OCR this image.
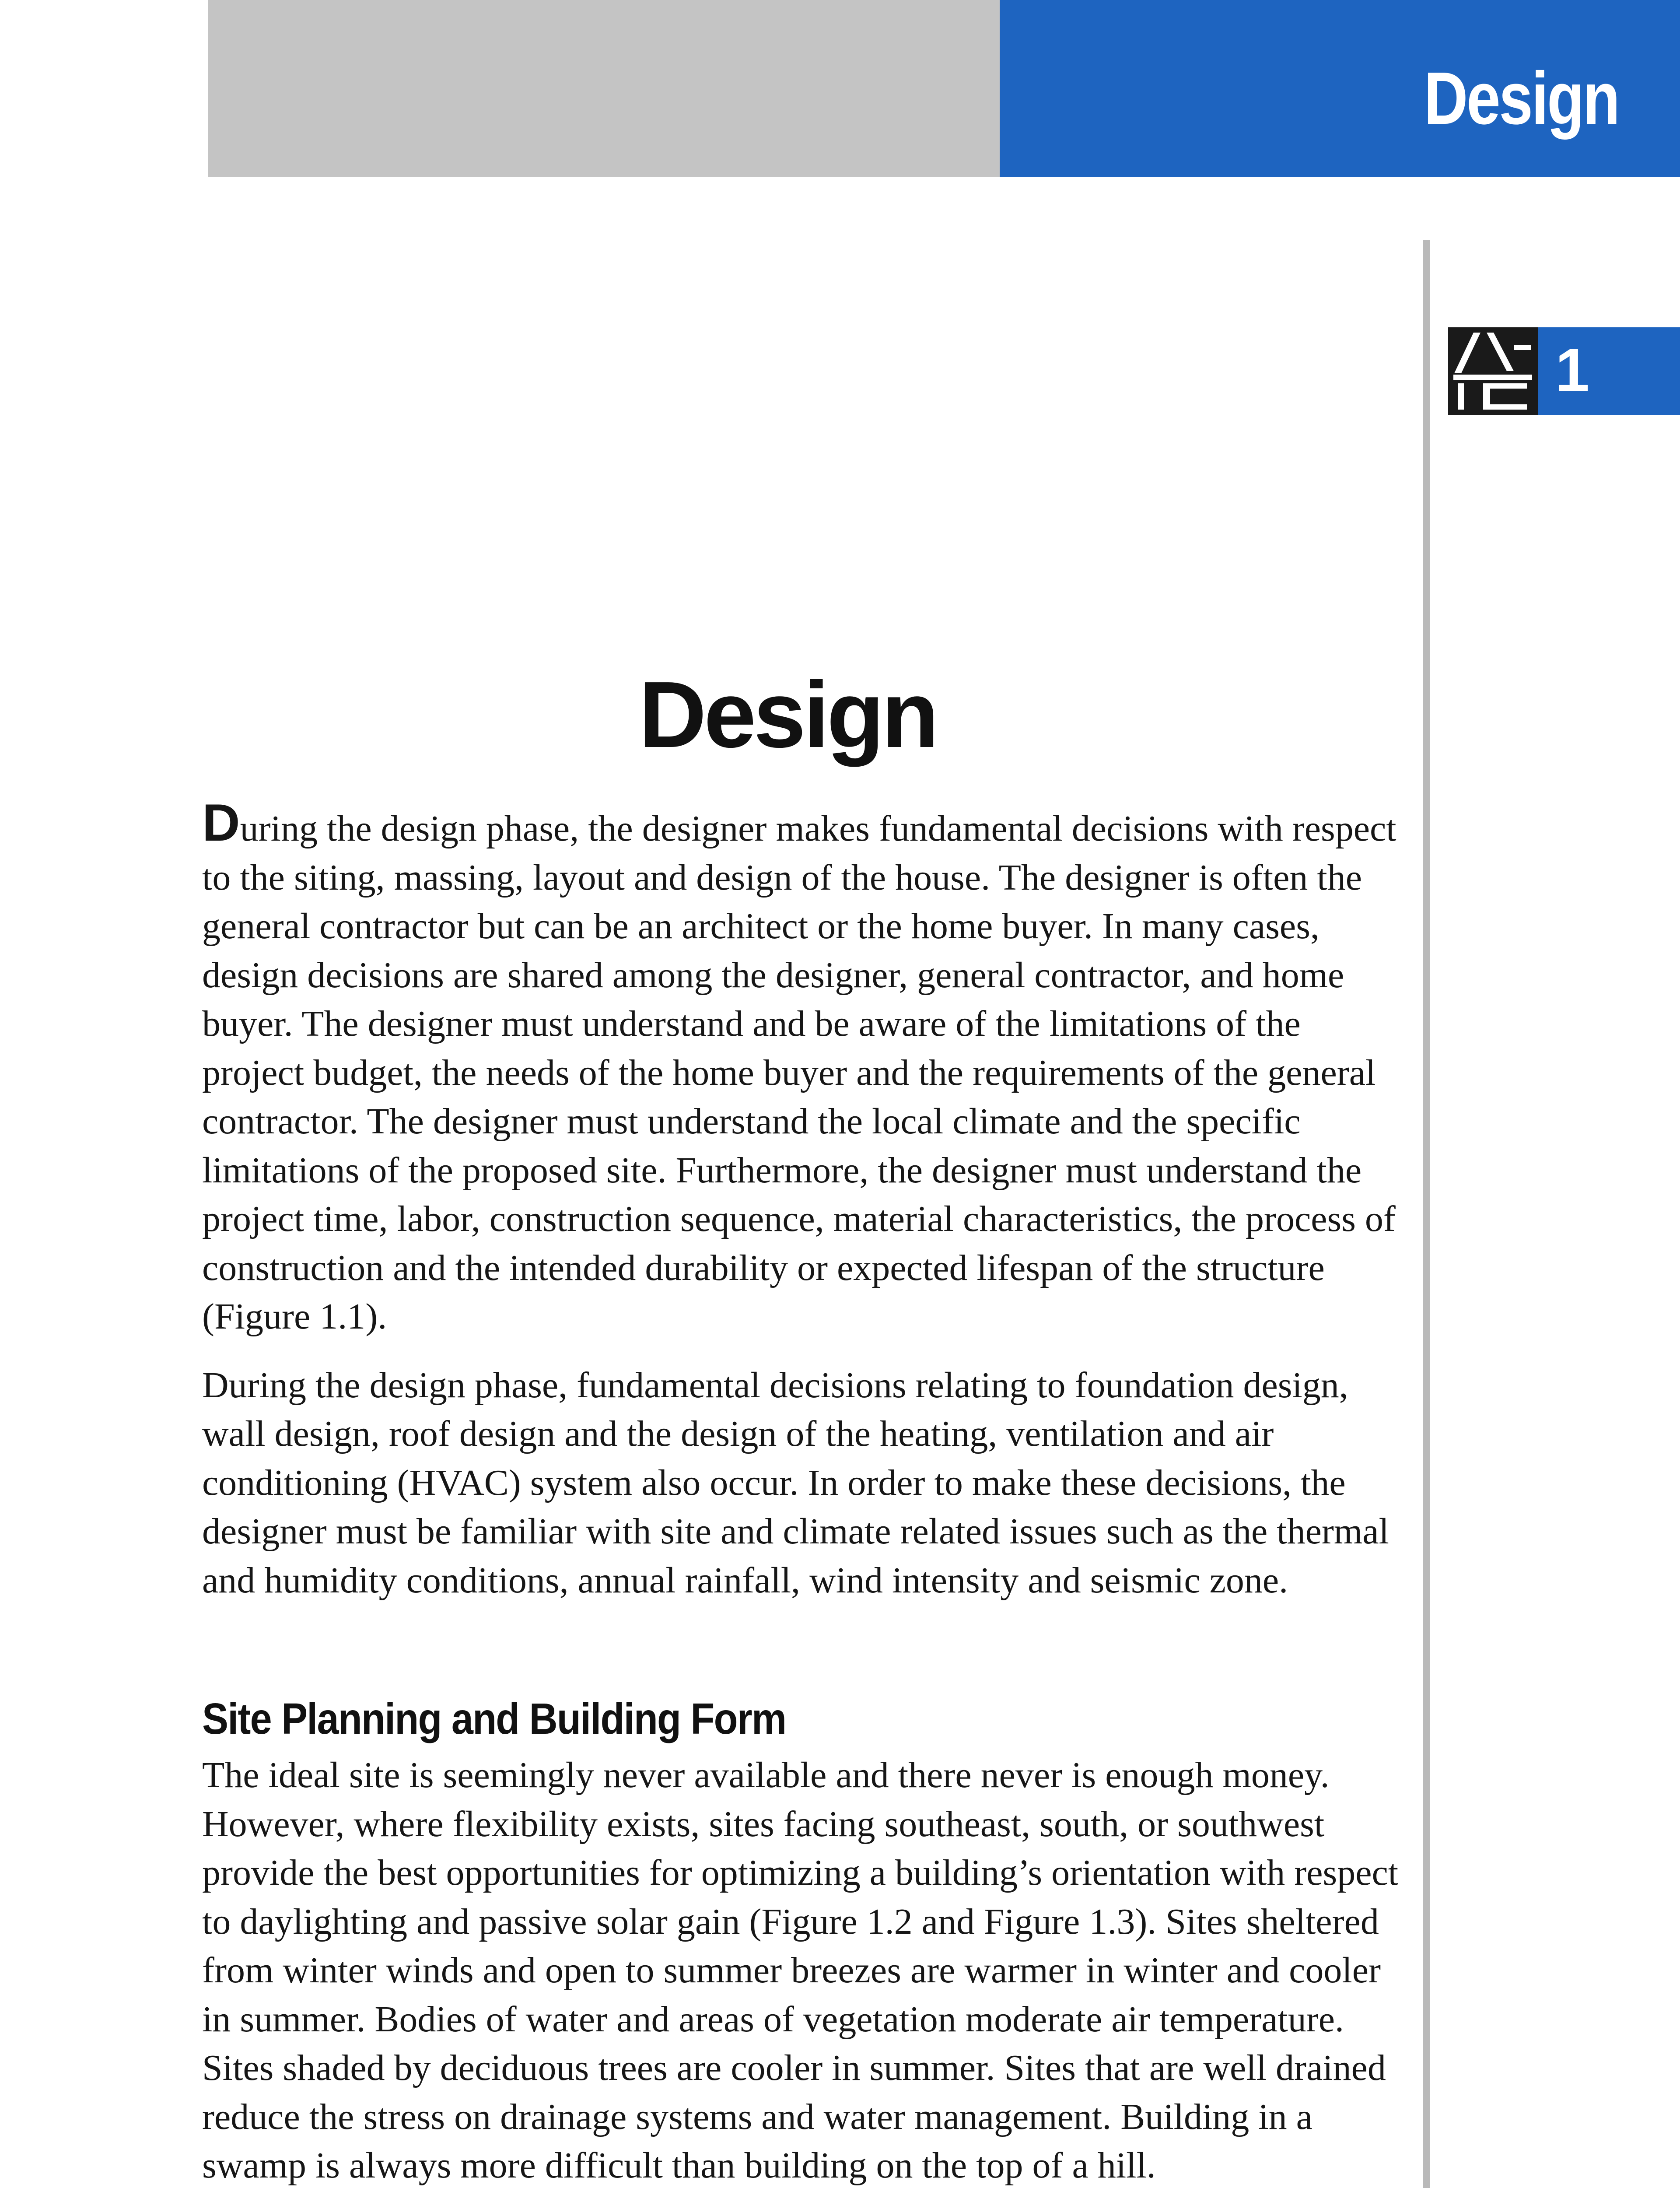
Design
1
Design

During the design phase, the designer makes fundamental decisions with respect to the siting, massing, layout and design of the house. The designer is often the general contractor but can be an architect or the home buyer. In many cases, design decisions are shared among the designer, general contractor, and home buyer. The designer must understand and be aware of the limitations of the project budget, the needs of the home buyer and the requirements of the general contractor. The designer must understand the local climate and the specific limitations of the proposed site. Furthermore, the designer must understand the project time, labor, construction sequence, material characteristics, the process of construction and the intended durability or expected lifespan of the structure (Figure 1.1).

During the design phase, fundamental decisions relating to foundation design, wall design, roof design and the design of the heating, ventilation and air conditioning (HVAC) system also occur. In order to make these decisions, the designer must be familiar with site and climate related issues such as the thermal and humidity conditions, annual rainfall, wind intensity and seismic zone.

Site Planning and Building Form

The ideal site is seemingly never available and there never is enough money. However, where flexibility exists, sites facing southeast, south, or southwest provide the best opportunities for optimizing a building’s orientation with respect to daylighting and passive solar gain (Figure 1.2 and Figure 1.3). Sites sheltered from winter winds and open to summer breezes are warmer in winter and cooler in summer. Bodies of water and areas of vegetation moderate air temperature. Sites shaded by deciduous trees are cooler in summer. Sites that are well drained reduce the stress on drainage systems and water management. Building in a swamp is always more difficult than building on the top of a hill.
